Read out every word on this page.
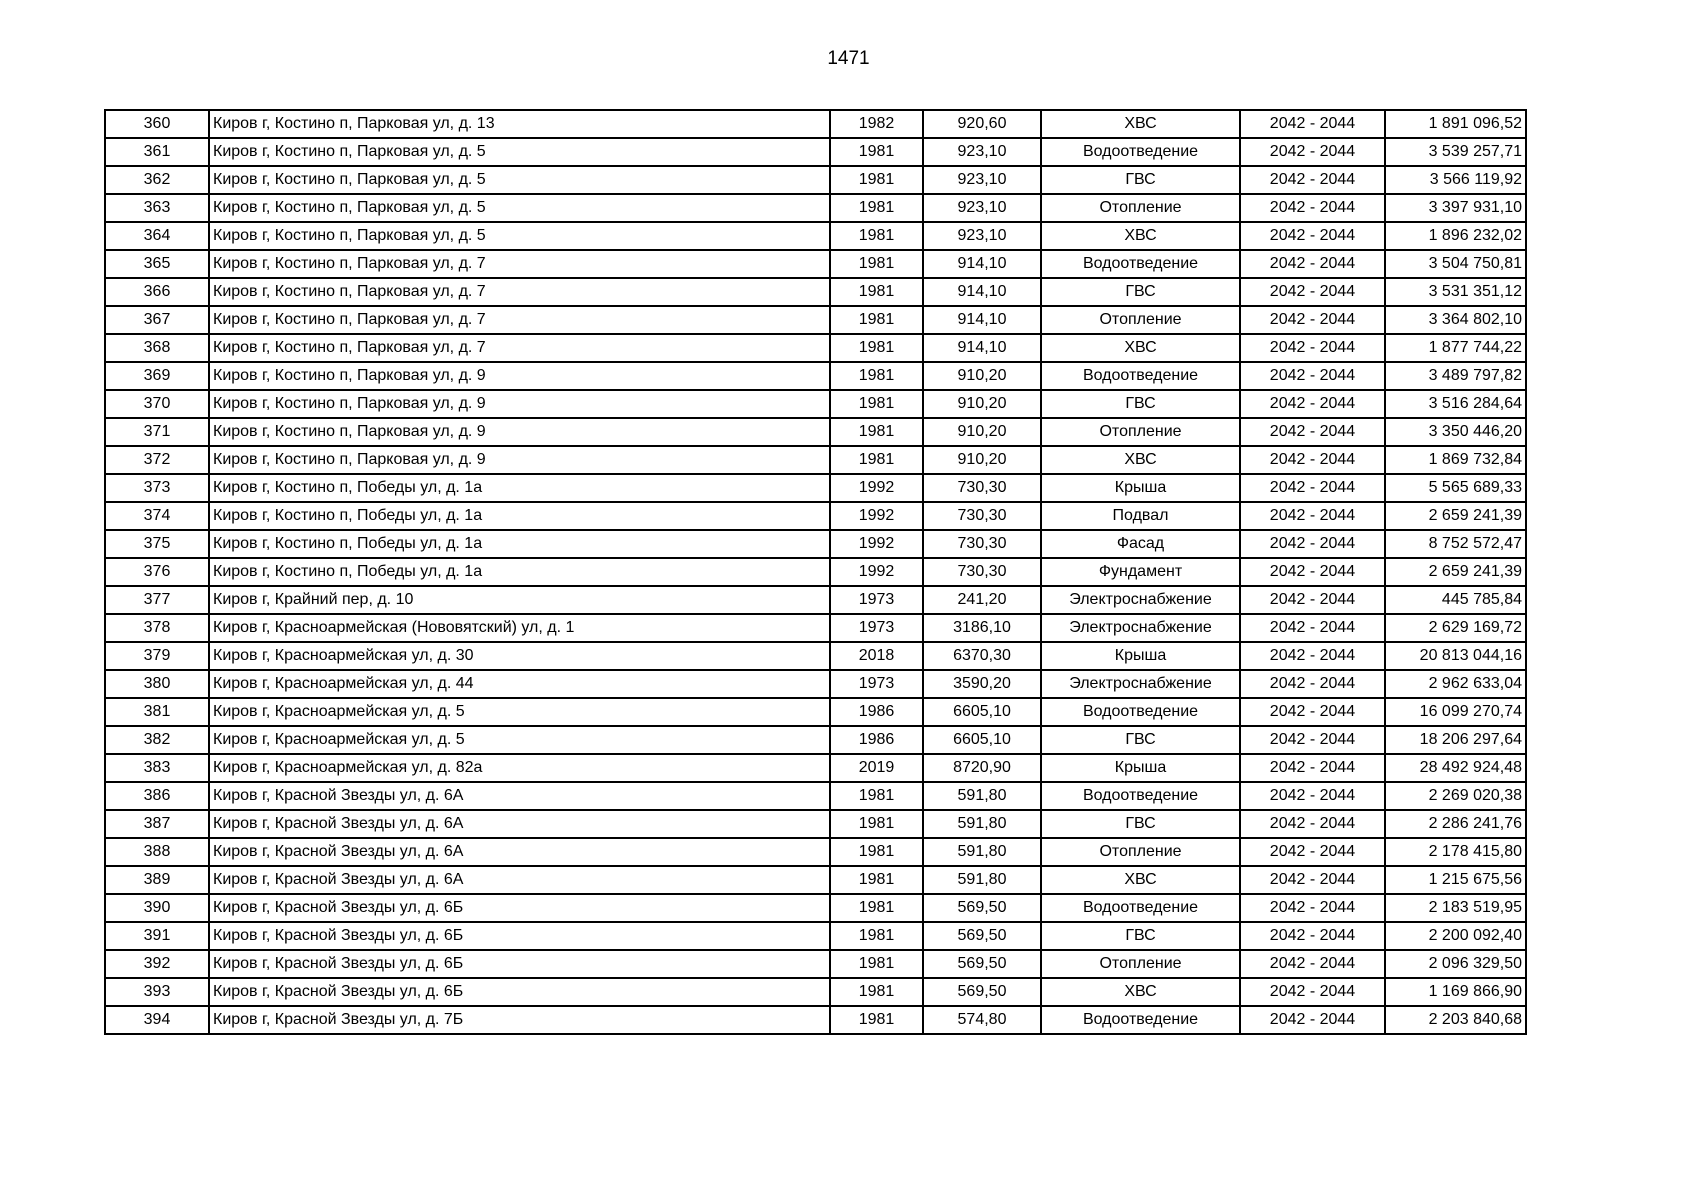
1471
360	Киров г, Костино п, Парковая ул, д. 13	1982	920,60	ХВС	2042 - 2044	1 891 096,52
361	Киров г, Костино п, Парковая ул, д. 5	1981	923,10	Водоотведение	2042 - 2044	3 539 257,71
362	Киров г, Костино п, Парковая ул, д. 5	1981	923,10	ГВС	2042 - 2044	3 566 119,92
363	Киров г, Костино п, Парковая ул, д. 5	1981	923,10	Отопление	2042 - 2044	3 397 931,10
364	Киров г, Костино п, Парковая ул, д. 5	1981	923,10	ХВС	2042 - 2044	1 896 232,02
365	Киров г, Костино п, Парковая ул, д. 7	1981	914,10	Водоотведение	2042 - 2044	3 504 750,81
366	Киров г, Костино п, Парковая ул, д. 7	1981	914,10	ГВС	2042 - 2044	3 531 351,12
367	Киров г, Костино п, Парковая ул, д. 7	1981	914,10	Отопление	2042 - 2044	3 364 802,10
368	Киров г, Костино п, Парковая ул, д. 7	1981	914,10	ХВС	2042 - 2044	1 877 744,22
369	Киров г, Костино п, Парковая ул, д. 9	1981	910,20	Водоотведение	2042 - 2044	3 489 797,82
370	Киров г, Костино п, Парковая ул, д. 9	1981	910,20	ГВС	2042 - 2044	3 516 284,64
371	Киров г, Костино п, Парковая ул, д. 9	1981	910,20	Отопление	2042 - 2044	3 350 446,20
372	Киров г, Костино п, Парковая ул, д. 9	1981	910,20	ХВС	2042 - 2044	1 869 732,84
373	Киров г, Костино п, Победы ул, д. 1а	1992	730,30	Крыша	2042 - 2044	5 565 689,33
374	Киров г, Костино п, Победы ул, д. 1а	1992	730,30	Подвал	2042 - 2044	2 659 241,39
375	Киров г, Костино п, Победы ул, д. 1а	1992	730,30	Фасад	2042 - 2044	8 752 572,47
376	Киров г, Костино п, Победы ул, д. 1а	1992	730,30	Фундамент	2042 - 2044	2 659 241,39
377	Киров г, Крайний пер, д. 10	1973	241,20	Электроснабжение	2042 - 2044	445 785,84
378	Киров г, Красноармейская (Нововятский) ул, д. 1	1973	3186,10	Электроснабжение	2042 - 2044	2 629 169,72
379	Киров г, Красноармейская ул, д. 30	2018	6370,30	Крыша	2042 - 2044	20 813 044,16
380	Киров г, Красноармейская ул, д. 44	1973	3590,20	Электроснабжение	2042 - 2044	2 962 633,04
381	Киров г, Красноармейская ул, д. 5	1986	6605,10	Водоотведение	2042 - 2044	16 099 270,74
382	Киров г, Красноармейская ул, д. 5	1986	6605,10	ГВС	2042 - 2044	18 206 297,64
383	Киров г, Красноармейская ул, д. 82а	2019	8720,90	Крыша	2042 - 2044	28 492 924,48
386	Киров г, Красной Звезды ул, д. 6А	1981	591,80	Водоотведение	2042 - 2044	2 269 020,38
387	Киров г, Красной Звезды ул, д. 6А	1981	591,80	ГВС	2042 - 2044	2 286 241,76
388	Киров г, Красной Звезды ул, д. 6А	1981	591,80	Отопление	2042 - 2044	2 178 415,80
389	Киров г, Красной Звезды ул, д. 6А	1981	591,80	ХВС	2042 - 2044	1 215 675,56
390	Киров г, Красной Звезды ул, д. 6Б	1981	569,50	Водоотведение	2042 - 2044	2 183 519,95
391	Киров г, Красной Звезды ул, д. 6Б	1981	569,50	ГВС	2042 - 2044	2 200 092,40
392	Киров г, Красной Звезды ул, д. 6Б	1981	569,50	Отопление	2042 - 2044	2 096 329,50
393	Киров г, Красной Звезды ул, д. 6Б	1981	569,50	ХВС	2042 - 2044	1 169 866,90
394	Киров г, Красной Звезды ул, д. 7Б	1981	574,80	Водоотведение	2042 - 2044	2 203 840,68
